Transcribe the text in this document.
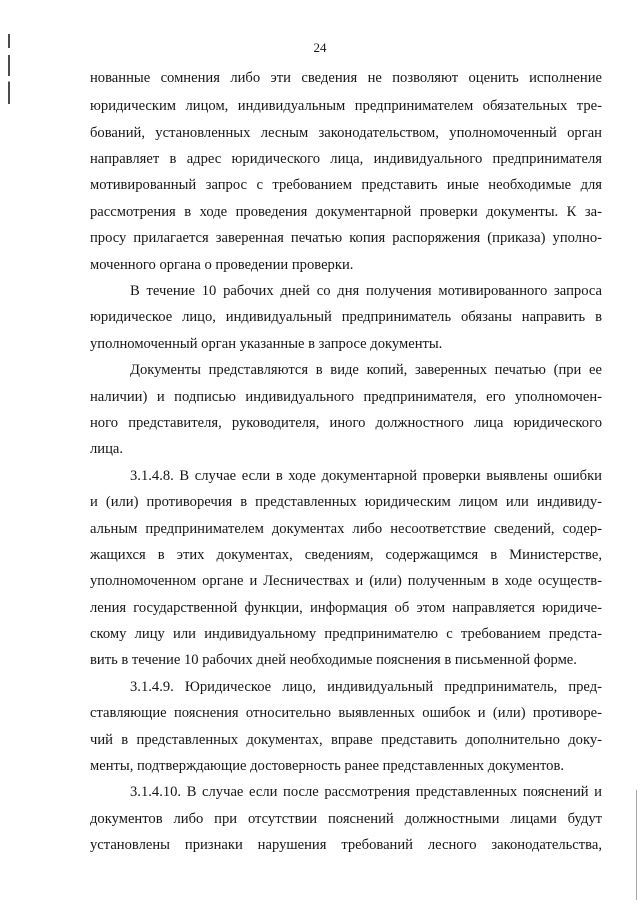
24
нованные сомнения либо эти сведения не позволяют оценить исполнение
юридическим лицом, индивидуальным предпринимателем обязательных тре-
бований, установленных лесным законодательством, уполномоченный орган
направляет в адрес юридического лица, индивидуального предпринимателя
мотивированный запрос с требованием представить иные необходимые для
рассмотрения в ходе проведения документарной проверки документы. К за-
просу прилагается заверенная печатью копия распоряжения (приказа) уполно-
моченного органа о проведении проверки.
В течение 10 рабочих дней со дня получения мотивированного запроса
юридическое лицо, индивидуальный предприниматель обязаны направить в
уполномоченный орган указанные в запросе документы.
Документы представляются в виде копий, заверенных печатью (при ее
наличии) и подписью индивидуального предпринимателя, его уполномочен-
ного представителя, руководителя, иного должностного лица юридического
лица.
3.1.4.8. В случае если в ходе документарной проверки выявлены ошибки
и (или) противоречия в представленных юридическим лицом или индивиду-
альным предпринимателем документах либо несоответствие сведений, содер-
жащихся в этих документах, сведениям, содержащимся в Министерстве,
уполномоченном органе и Лесничествах и (или) полученным в ходе осуществ-
ления государственной функции, информация об этом направляется юридиче-
скому лицу или индивидуальному предпринимателю с требованием предста-
вить в течение 10 рабочих дней необходимые пояснения в письменной форме.
3.1.4.9. Юридическое лицо, индивидуальный предприниматель, пред-
ставляющие пояснения относительно выявленных ошибок и (или) противоре-
чий в представленных документах, вправе представить дополнительно доку-
менты, подтверждающие достоверность ранее представленных документов.
3.1.4.10. В случае если после рассмотрения представленных пояснений и
документов либо при отсутствии пояснений должностными лицами будут
установлены признаки нарушения требований лесного законодательства,
